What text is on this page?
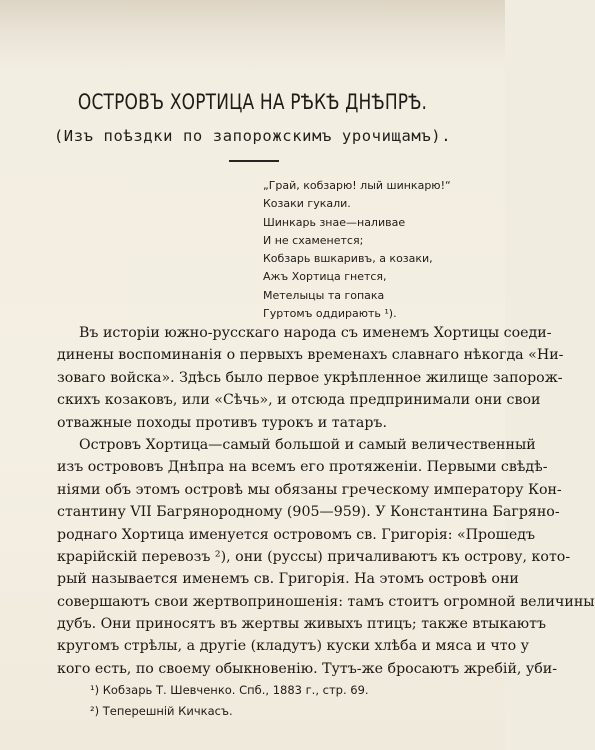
ОСТРОВЪ ХОРТИЦА НА РѢКѢ ДНѢПРѢ.
(Изъ поѣздки по запорожскимъ урочищамъ).
„Грай, кобзарю! лый шинкарю!“
Козаки гукали.
Шинкарь знае—наливае
И не схаменется;
Кобзарь вшкаривъ, а козаки,
Ажъ Хортица гнется,
Метелыцы та гопака
Гуртомъ оддирають ¹).
Въ исторіи южно-русскаго народа съ именемъ Хортицы соеди-
динены воспоминанія о первыхъ временахъ славнаго нѣкогда «Ни-
зоваго войска». Здѣсь было первое укрѣпленное жилище запорож-
скихъ козаковъ, или «Сѣчь», и отсюда предпринимали они свои
отважные походы противъ турокъ и татаръ.
Островъ Хортица—самый большой и самый величественный
изъ острововъ Днѣпра на всемъ его протяженіи. Первыми свѣдѣ-
ніями объ этомъ островѣ мы обязаны греческому императору Кон-
стантину VII Багрянородному (905—959). У Константина Багряно-
роднаго Хортица именуется островомъ св. Григорія: «Прошедъ
крарійскій перевозъ ²), они (руссы) причаливаютъ къ острову, кото-
рый называется именемъ св. Григорія. На этомъ островѣ они
совершаютъ свои жертвоприношенія: тамъ стоитъ огромной величины
дубъ. Они приносятъ въ жертвы живыхъ птицъ; также втыкаютъ
кругомъ стрѣлы, а другіе (кладутъ) куски хлѣба и мяса и что у
кого есть, по своему обыкновенію. Тутъ-же бросаютъ жребій, уби-
¹) Кобзарь Т. Шевченко. Спб., 1883 г., стр. 69.
²) Теперешній Кичкасъ.
